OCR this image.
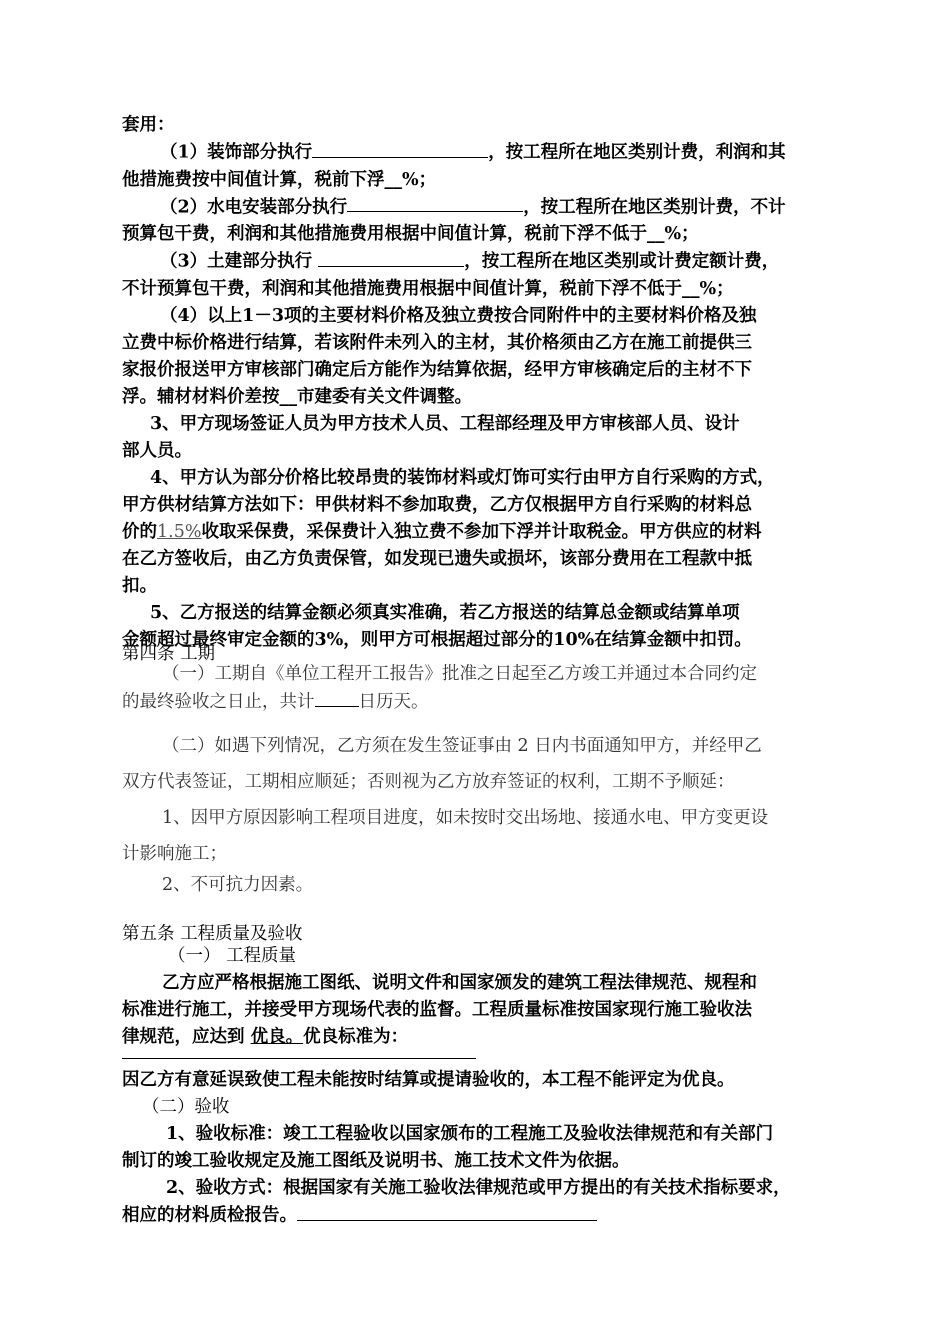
套用：
（1）装饰部分执行	，按工程所在地区类别计费，利润和其
他措施费按中间值计算，税前下浮__%；
（2）水电安装部分执行	，按工程所在地区类别计费，不计
预算包干费，利润和其他措施费用根据中间值计算，税前下浮不低于__%；
（3）土建部分执行	，按工程所在地区类别或计费定额计费，
不计预算包干费，利润和其他措施费用根据中间值计算，税前下浮不低于__%；
（4）以上1－3项的主要材料价格及独立费按合同附件中的主要材料价格及独
立费中标价格进行结算，若该附件未列入的主材，其价格须由乙方在施工前提供三
家报价报送甲方审核部门确定后方能作为结算依据，经甲方审核确定后的主材不下
浮。辅材材料价差按__市建委有关文件调整。
3、甲方现场签证人员为甲方技术人员、工程部经理及甲方审核部人员、设计
部人员。
4、甲方认为部分价格比较昂贵的装饰材料或灯饰可实行由甲方自行采购的方式，
甲方供材结算方法如下：甲供材料不参加取费，乙方仅根据甲方自行采购的材料总
价的1.5%收取采保费，采保费计入独立费不参加下浮并计取税金。甲方供应的材料
在乙方签收后，由乙方负责保管，如发现已遗失或损坏，该部分费用在工程款中抵
扣。
5、乙方报送的结算金额必须真实准确，若乙方报送的结算总金额或结算单项
金额超过最终审定金额的3%，则甲方可根据超过部分的10%在结算金额中扣罚。
第四条 工期
（一）工期自《单位工程开工报告》批准之日起至乙方竣工并通过本合同约定
的最终验收之日止，共计	日历天。
（二）如遇下列情况，乙方须在发生签证事由 2 日内书面通知甲方，并经甲乙
双方代表签证，工期相应顺延；否则视为乙方放弃签证的权利，工期不予顺延：
1、因甲方原因影响工程项目进度，如未按时交出场地、接通水电、甲方变更设
计影响施工；
2、不可抗力因素。
第五条 工程质量及验收
（一） 工程质量
乙方应严格根据施工图纸、说明文件和国家颁发的建筑工程法律规范、规程和
标准进行施工，并接受甲方现场代表的监督。工程质量标准按国家现行施工验收法
律规范，应达到 优良。优良标准为：
因乙方有意延误致使工程未能按时结算或提请验收的，本工程不能评定为优良。
（二）验收
1、验收标准：竣工工程验收以国家颁布的工程施工及验收法律规范和有关部门
制订的竣工验收规定及施工图纸及说明书、施工技术文件为依据。
2、验收方式：根据国家有关施工验收法律规范或甲方提出的有关技术指标要求，
相应的材料质检报告。
